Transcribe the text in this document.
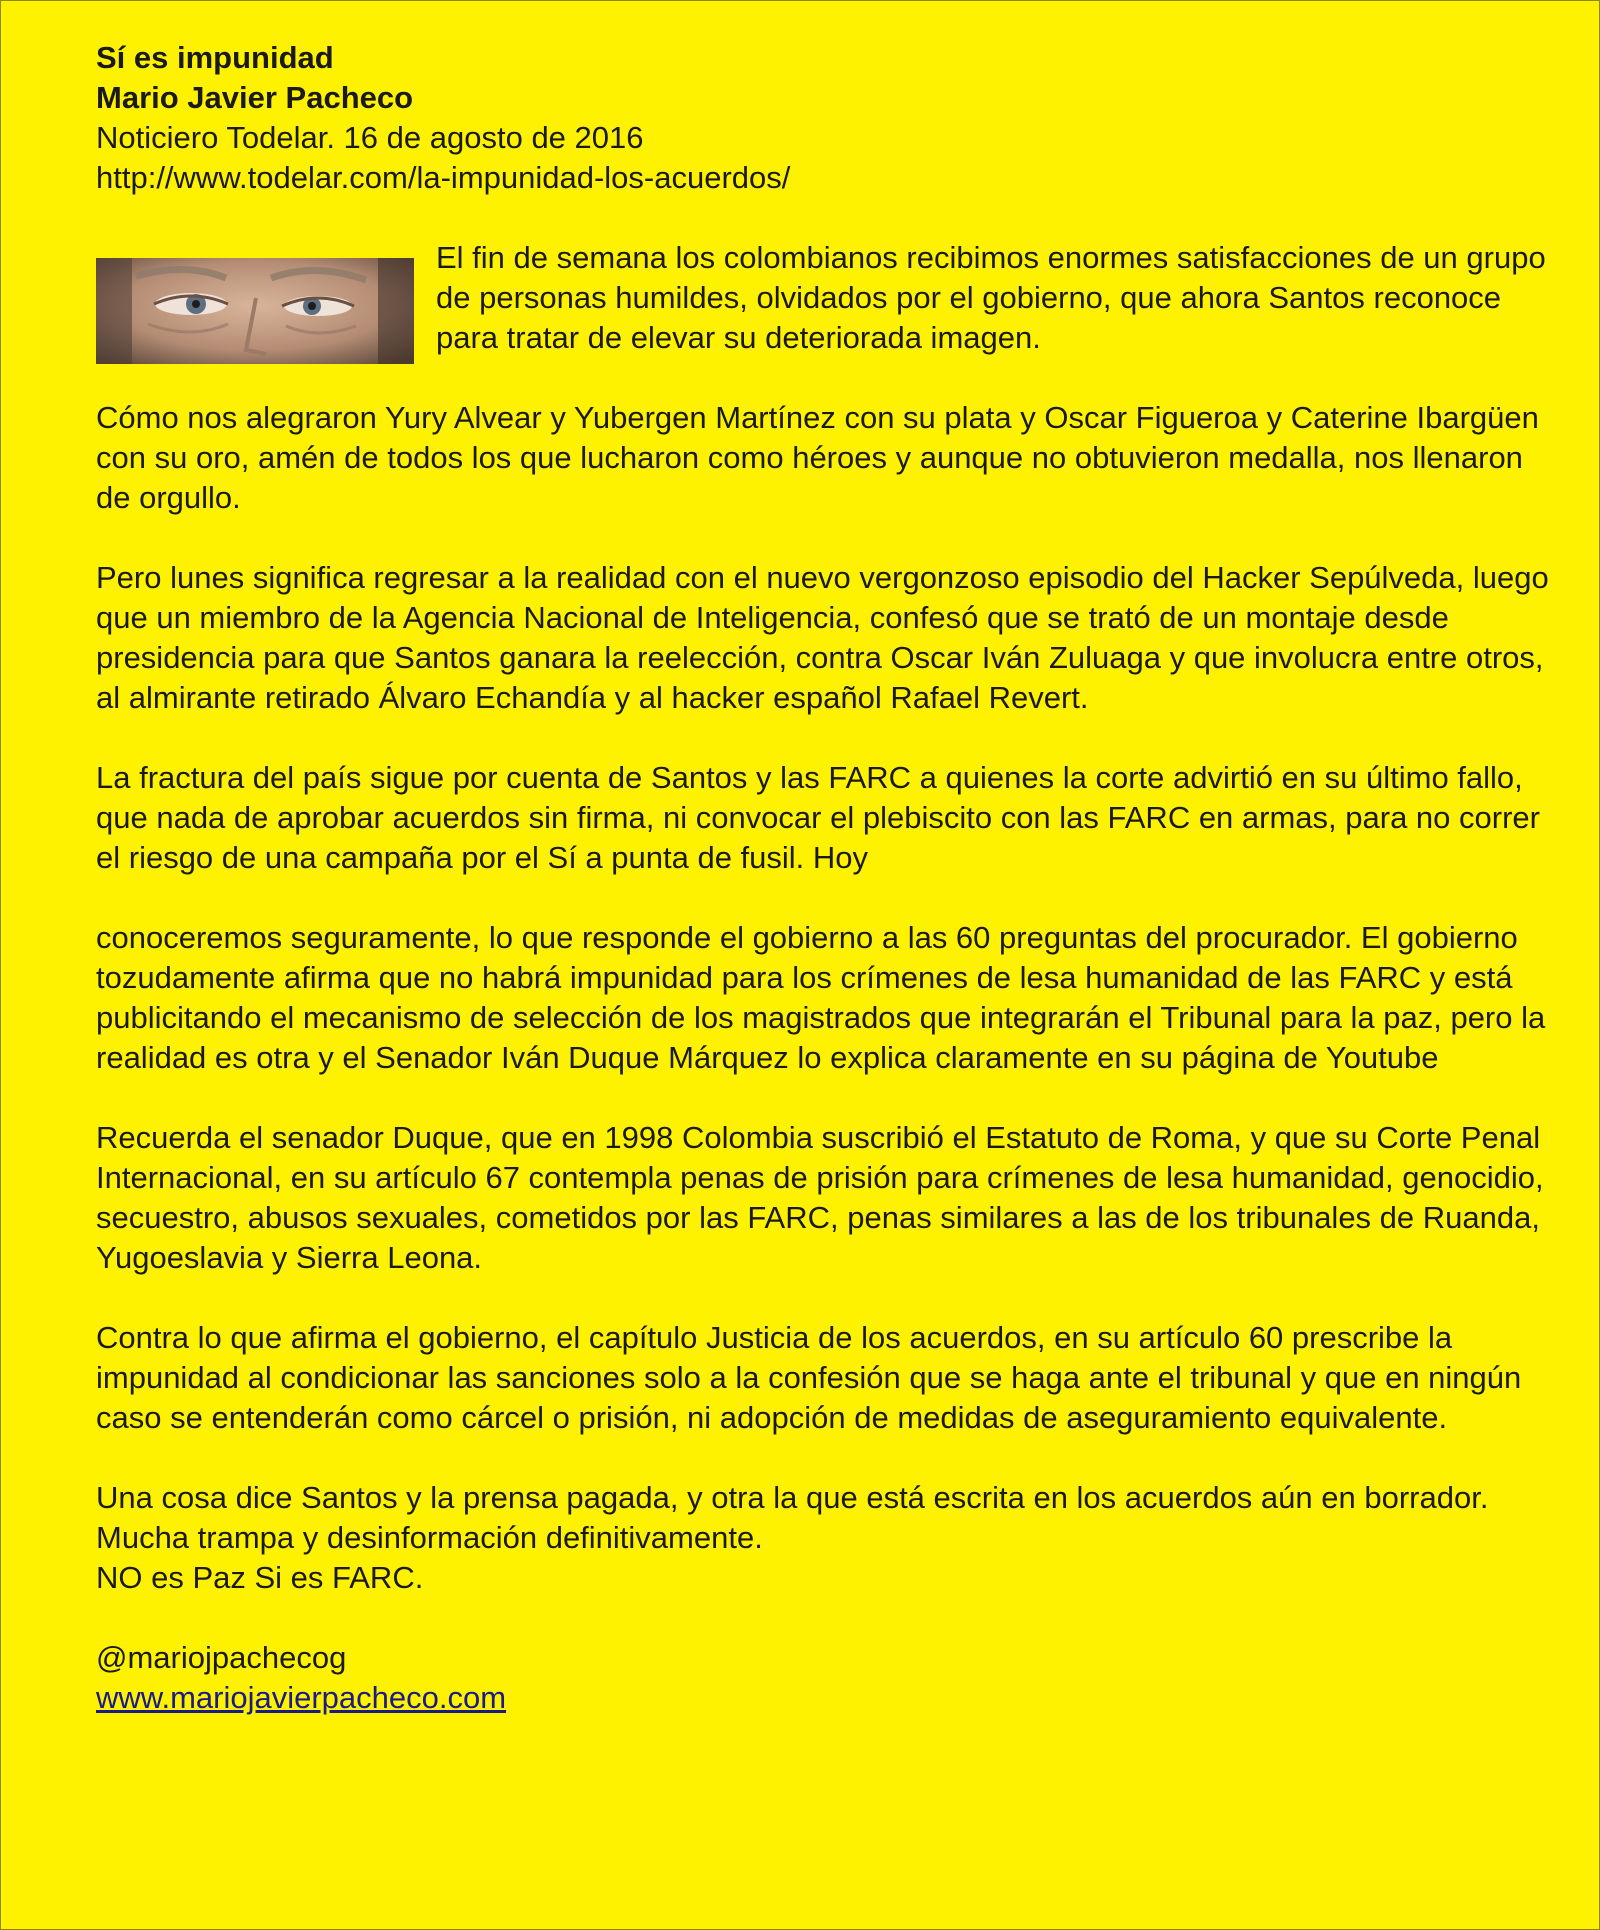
Sí es impunidad

Mario Javier Pacheco

Noticiero Todelar. 16 de agosto de 2016

http://www.todelar.com/la-impunidad-los-acuerdos/

El fin de semana los colombianos recibimos enormes satisfacciones de un grupo de personas humildes, olvidados por el gobierno, que ahora Santos reconoce para tratar de elevar su deteriorada imagen.

Cómo nos alegraron Yury Alvear y Yubergen Martínez con su plata y Oscar Figueroa y Caterine Ibargüen con su oro, amén de todos los que lucharon como héroes y aunque no obtuvieron medalla, nos llenaron de orgullo.

Pero lunes significa regresar a la realidad con el nuevo vergonzoso episodio del Hacker Sepúlveda, luego que un miembro de la Agencia Nacional de Inteligencia, confesó que se trató de un montaje desde presidencia para que Santos ganara la reelección, contra Oscar Iván Zuluaga y que involucra entre otros, al almirante retirado Álvaro Echandía y al hacker español Rafael Revert.

La fractura del país sigue por cuenta de Santos y las FARC a quienes la corte advirtió en su último fallo, que nada de aprobar acuerdos sin firma, ni convocar el plebiscito con las FARC en armas, para no correr el riesgo de una campaña por el Sí a punta de fusil. Hoy

conoceremos seguramente, lo que responde el gobierno a las 60 preguntas del procurador. El gobierno tozudamente afirma que no habrá impunidad para los crímenes de lesa humanidad de las FARC y está publicitando el mecanismo de selección de los magistrados que integrarán el Tribunal para la paz, pero la realidad es otra y el Senador Iván Duque Márquez lo explica claramente en su página de Youtube

Recuerda el senador Duque, que en 1998 Colombia suscribió el Estatuto de Roma, y que su Corte Penal Internacional, en su artículo 67 contempla penas de prisión para crímenes de lesa humanidad, genocidio, secuestro, abusos sexuales, cometidos por las FARC, penas similares a las de los tribunales de Ruanda, Yugoeslavia y Sierra Leona.

Contra lo que afirma el gobierno, el capítulo Justicia de los acuerdos, en su artículo 60 prescribe la impunidad al condicionar las sanciones solo a la confesión que se haga ante el tribunal y que en ningún caso se entenderán como cárcel o prisión, ni adopción de medidas de aseguramiento equivalente.

Una cosa dice Santos y la prensa pagada, y otra la que está escrita en los acuerdos aún en borrador. Mucha trampa y desinformación definitivamente.

NO es Paz Si es FARC.

@mariojpachecog

www.mariojavierpacheco.com
